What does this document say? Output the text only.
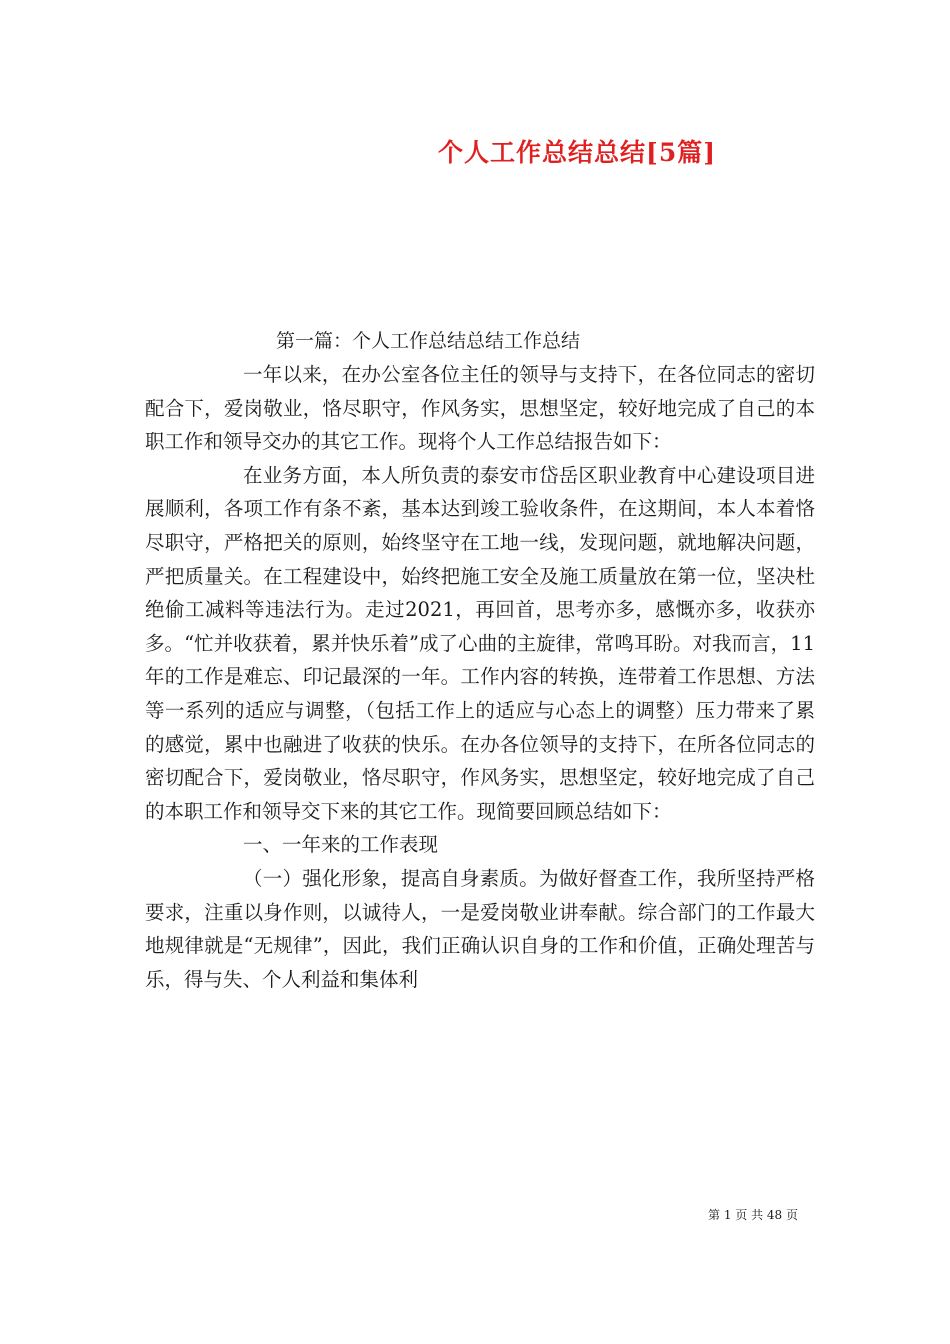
个人工作总结总结[5篇]
第一篇：个人工作总结总结工作总结

一年以来，在办公室各位主任的领导与支持下，在各位同志的密切配合下，爱岗敬业，恪尽职守，作风务实，思想坚定，较好地完成了自己的本职工作和领导交办的其它工作。现将个人工作总结报告如下：

在业务方面，本人所负责的泰安市岱岳区职业教育中心建设项目进展顺利，各项工作有条不紊，基本达到竣工验收条件，在这期间，本人本着恪尽职守，严格把关的原则，始终坚守在工地一线，发现问题，就地解决问题，严把质量关。在工程建设中，始终把施工安全及施工质量放在第一位，坚决杜绝偷工减料等违法行为。走过2021，再回首，思考亦多，感慨亦多，收获亦多。“忙并收获着，累并快乐着”成了心曲的主旋律，常鸣耳盼。对我而言，11年的工作是难忘、印记最深的一年。工作内容的转换，连带着工作思想、方法等一系列的适应与调整，（包括工作上的适应与心态上的调整）压力带来了累的感觉，累中也融进了收获的快乐。在办各位领导的支持下，在所各位同志的密切配合下，爱岗敬业，恪尽职守，作风务实，思想坚定，较好地完成了自己的本职工作和领导交下来的其它工作。现简要回顾总结如下：

一、一年来的工作表现

（一）强化形象，提高自身素质。为做好督查工作，我所坚持严格要求，注重以身作则，以诚待人，一是爱岗敬业讲奉献。综合部门的工作最大地规律就是“无规律”，因此，我们正确认识自身的工作和价值，正确处理苦与乐，得与失、个人利益和集体利

第 1 页 共 48 页
